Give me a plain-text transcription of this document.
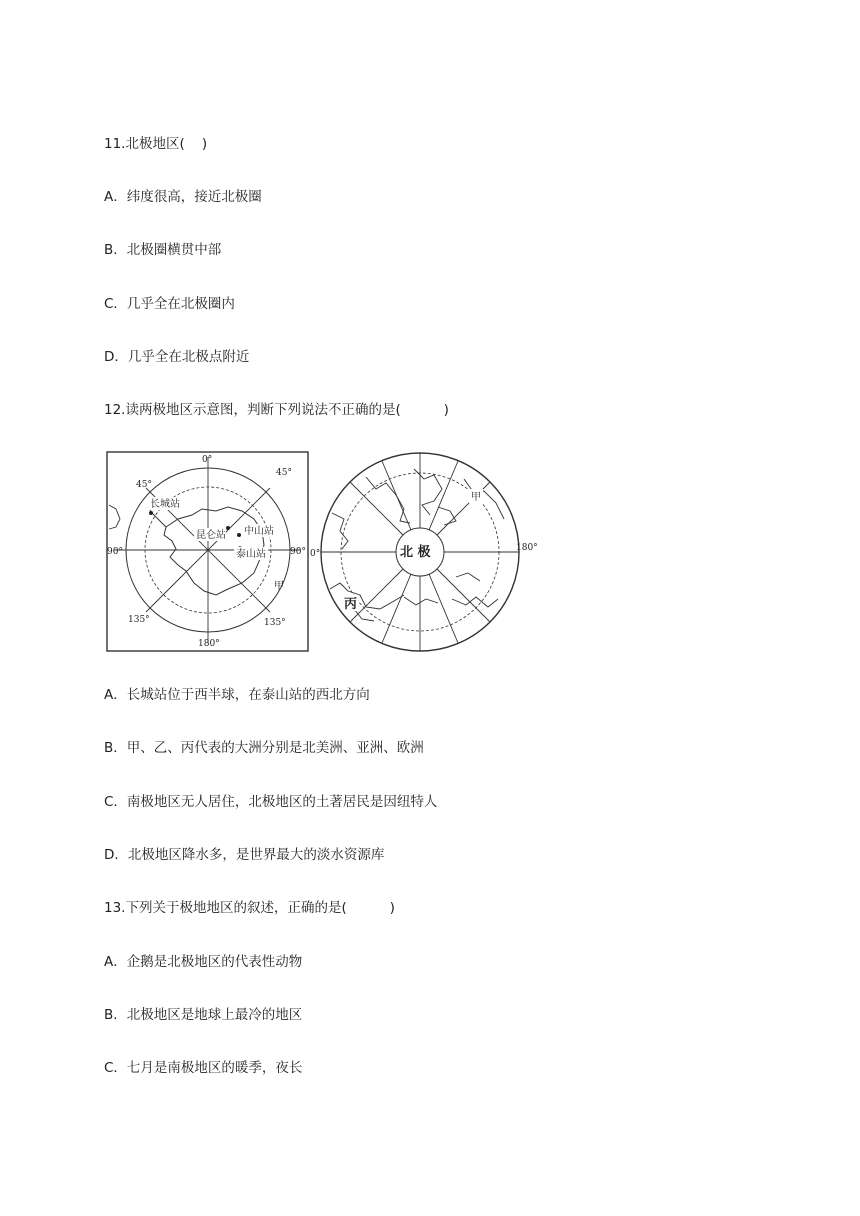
11.北极地区(    )
A．纬度很高，接近北极圈
B．北极圈横贯中部
C．几乎全在北极圈内
D．几乎全在北极点附近
12.读两极地区示意图，判断下列说法不正确的是(          )
0°
45°
45°
90°	90°
135°	135°
180°
长城站
昆仑站 中山站
泰山站
甲
北 极
0°
180°
甲
丙
A．长城站位于西半球，在泰山站的西北方向
B．甲、乙、丙代表的大洲分别是北美洲、亚洲、欧洲
C．南极地区无人居住，北极地区的土著居民是因纽特人
D．北极地区降水多，是世界最大的淡水资源库
13.下列关于极地地区的叙述，正确的是(          )
A．企鹅是北极地区的代表性动物
B．北极地区是地球上最冷的地区
C．七月是南极地区的暖季，夜长
